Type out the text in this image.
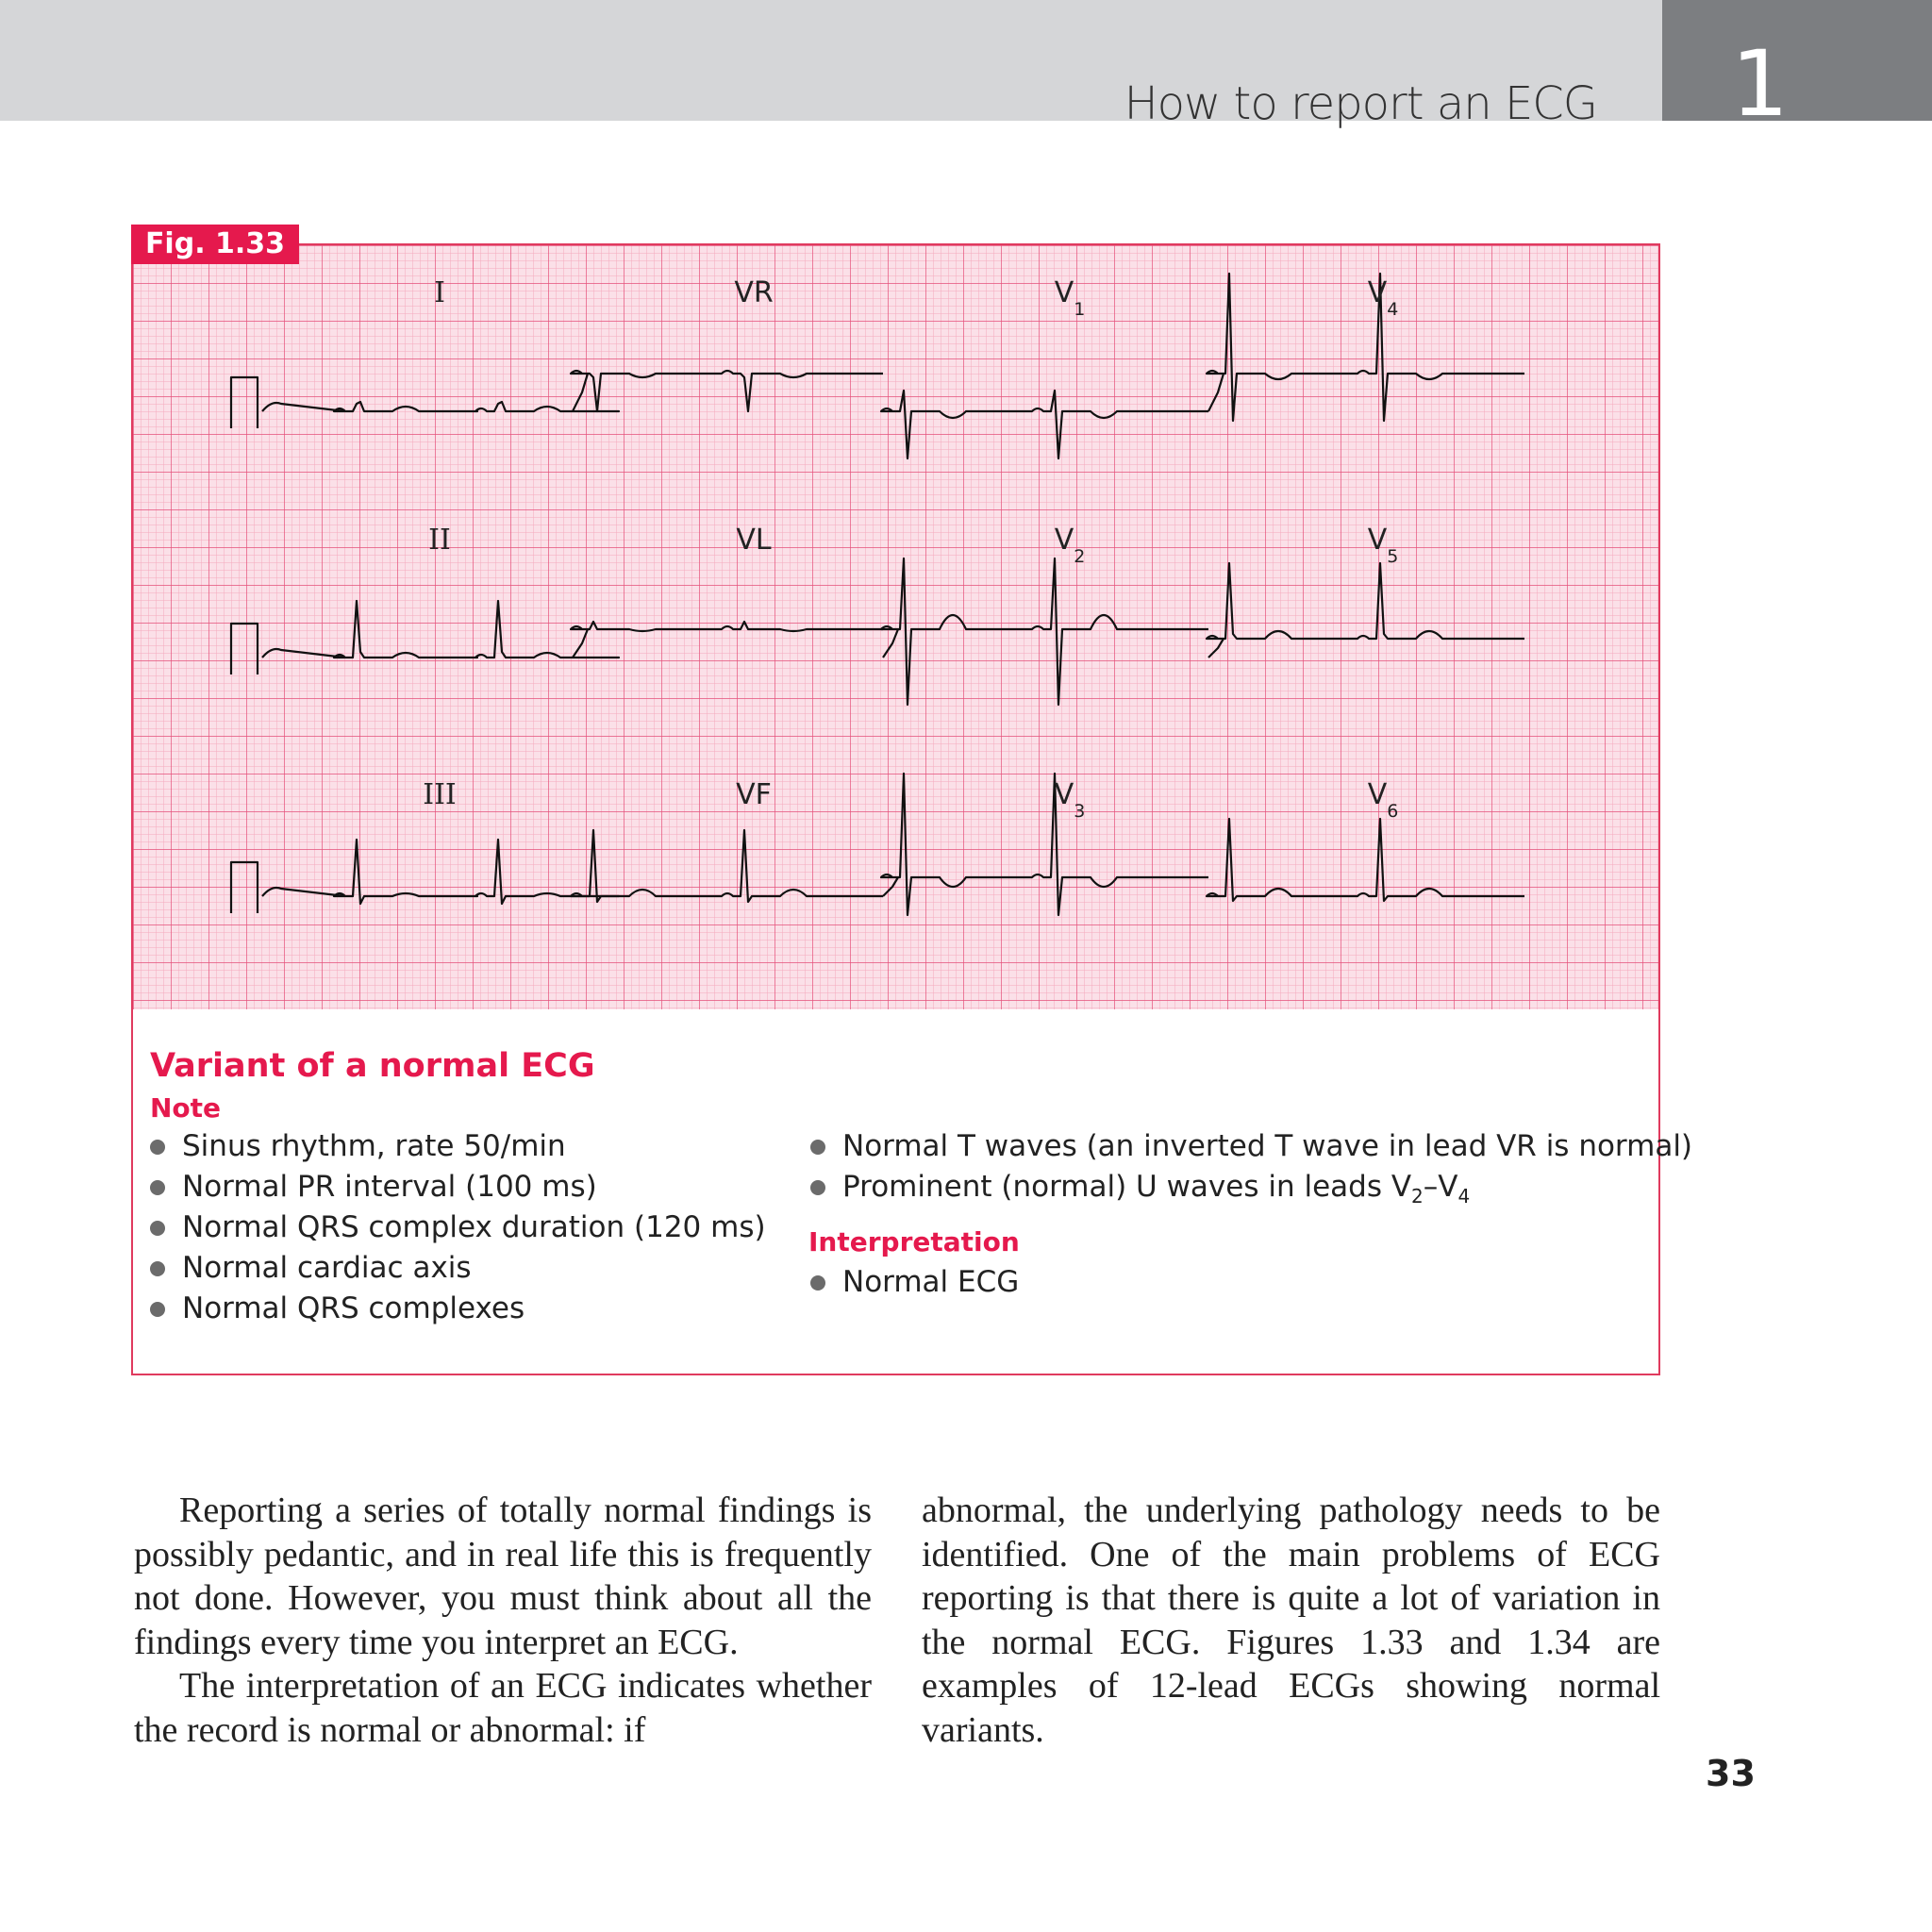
1
How to report an ECG
I	VR	$V_1$	$V_4$
II	VL	$V_2$	$V_5$
III	VF	$V_3$	$V_6$
Fig. 1.33
Variant of a normal ECG
Note
Sinus rhythm, rate 50/min
Normal PR interval (100 ms)
Normal QRS complex duration (120 ms)
Normal cardiac axis
Normal QRS complexes
Normal T waves (an inverted T wave in lead VR is normal)
Prominent (normal) U waves in leads $V_2-V_4$
Interpretation
Normal ECG

Reporting a series of totally normal findings is possibly pedantic, and in real life this is frequently not done. However, you must think about all the findings every time you interpret an ECG.

The interpretation of an ECG indicates whether the record is normal or abnormal: if

abnormal, the underlying pathology needs to be identified. One of the main problems of ECG reporting is that there is quite a lot of variation in the normal ECG. Figures 1.33 and 1.34 are examples of 12-lead ECGs showing normal variants.

33
